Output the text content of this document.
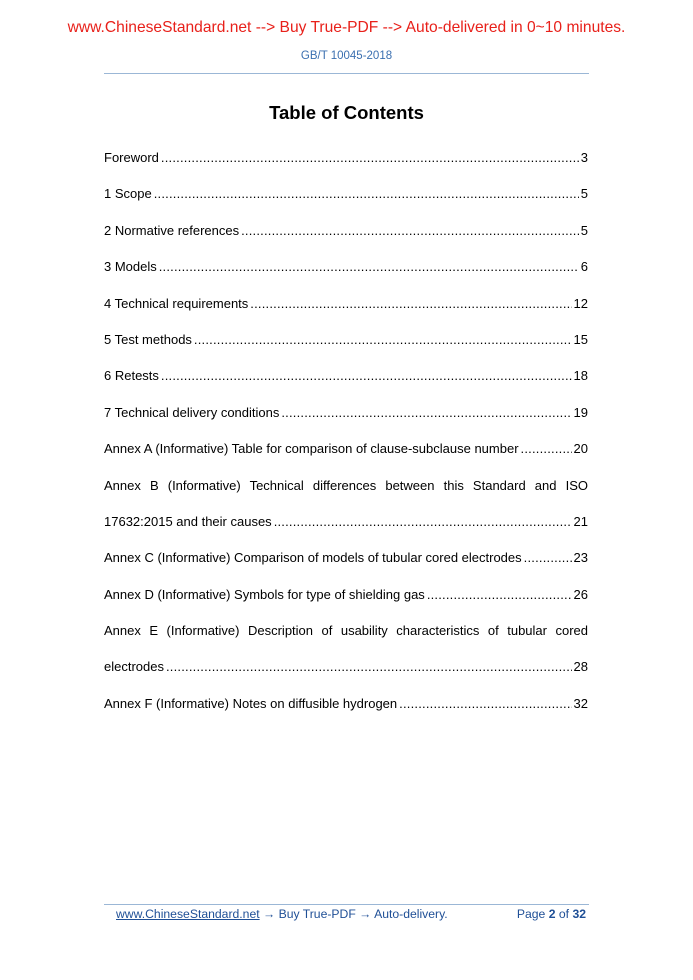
www.ChineseStandard.net --> Buy True-PDF --> Auto-delivered in 0~10 minutes.
GB/T 10045-2018
Table of Contents
Foreword .....	3
1 Scope .....	5
2 Normative references .....	5
3 Models .....	6
4 Technical requirements .....	12
5 Test methods .....	15
6 Retests .....	18
7 Technical delivery conditions .....	19
Annex A (Informative) Table for comparison of clause-subclause number .....	20
Annex B (Informative) Technical differences between this Standard and ISO
17632:2015 and their causes .....	21
Annex C (Informative) Comparison of models of tubular cored electrodes .....	23
Annex D (Informative) Symbols for type of shielding gas .....	26
Annex E (Informative) Description of usability characteristics of tubular cored
electrodes .....	28
Annex F (Informative) Notes on diffusible hydrogen .....	32
www.ChineseStandard.net → Buy True-PDF → Auto-delivery.	Page 2 of 32
